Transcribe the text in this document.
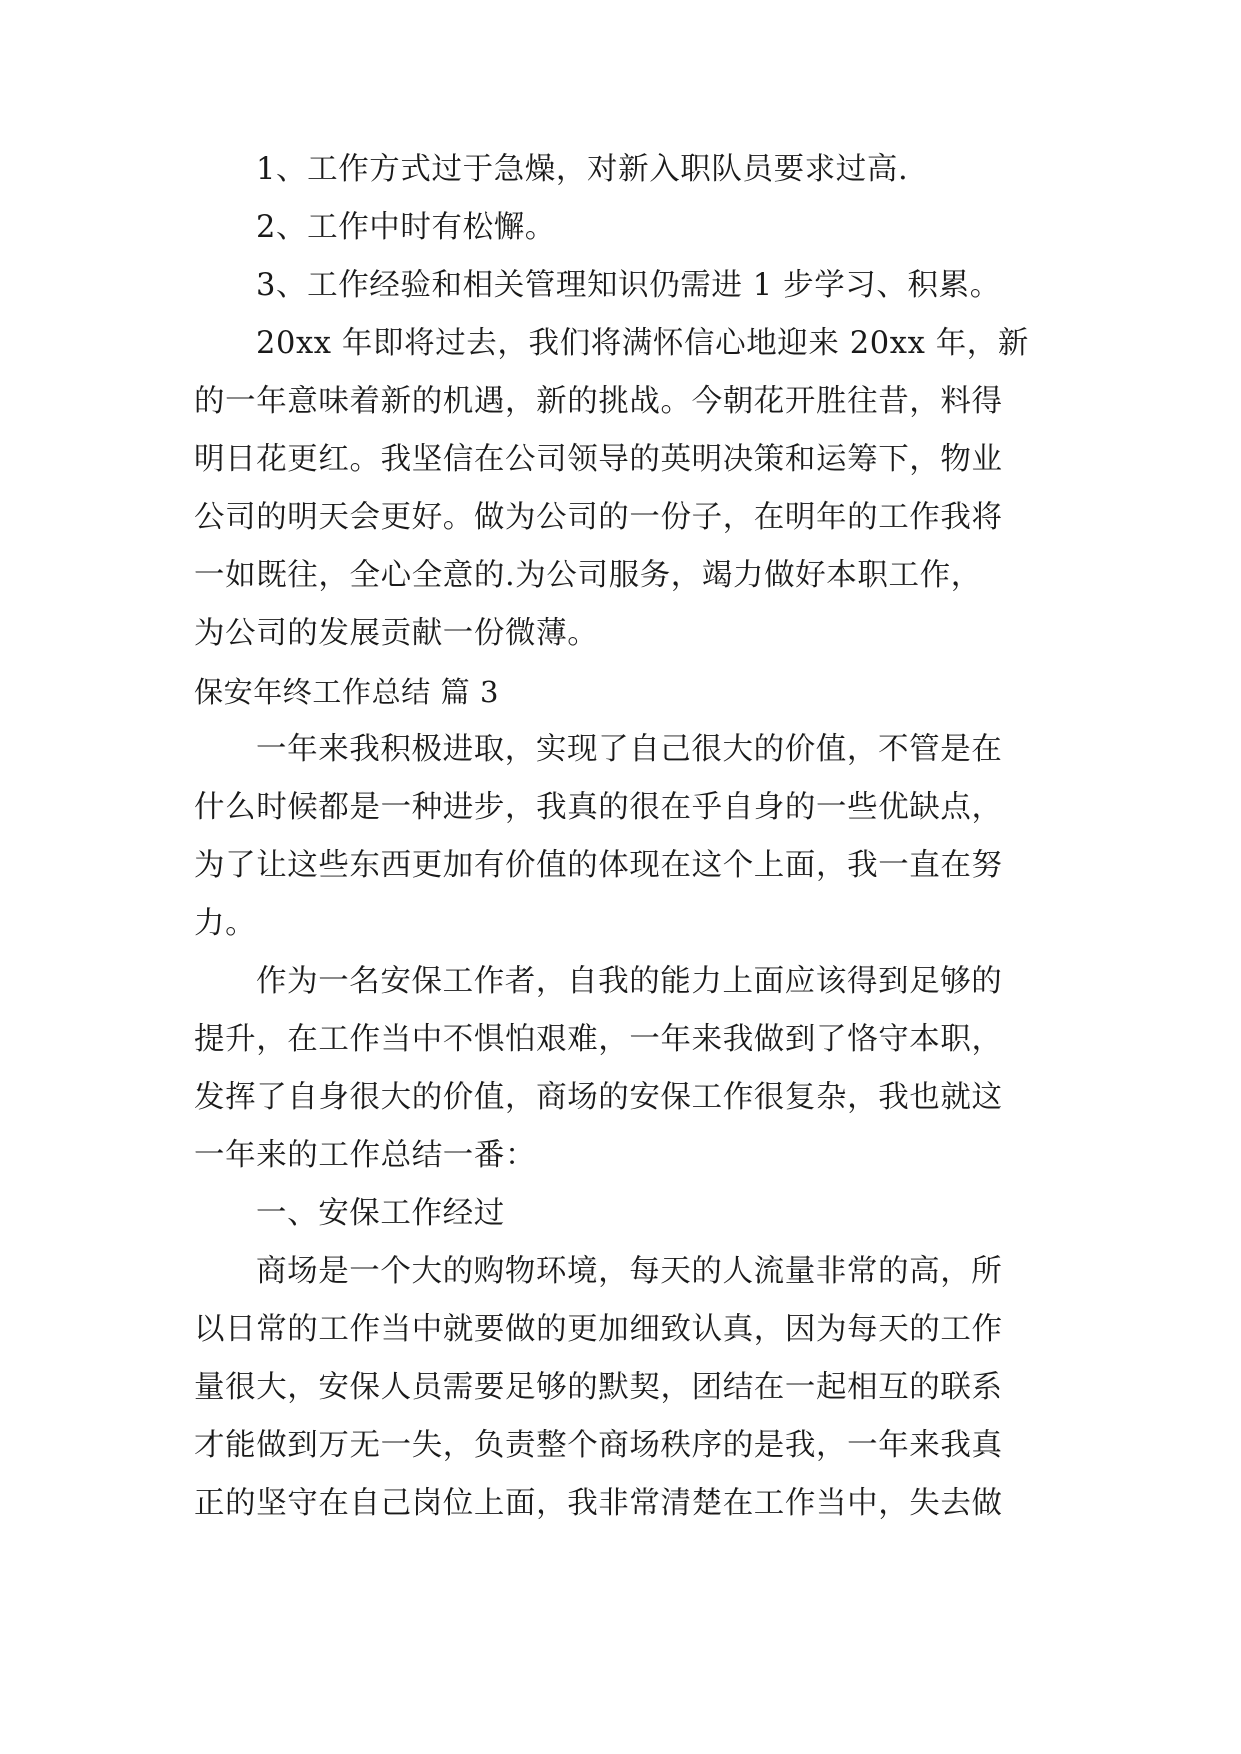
1、工作方式过于急燥，对新入职队员要求过高.
2、工作中时有松懈。
3、工作经验和相关管理知识仍需进 1 步学习、积累。
20xx 年即将过去，我们将满怀信心地迎来 20xx 年，新
的一年意味着新的机遇，新的挑战。今朝花开胜往昔，料得
明日花更红。我坚信在公司领导的英明决策和运筹下，物业
公司的明天会更好。做为公司的一份子，在明年的工作我将
一如既往，全心全意的.为公司服务，竭力做好本职工作，
为公司的发展贡献一份微薄。
保安年终工作总结 篇 3
一年来我积极进取，实现了自己很大的价值，不管是在
什么时候都是一种进步，我真的很在乎自身的一些优缺点，
为了让这些东西更加有价值的体现在这个上面，我一直在努
力。
作为一名安保工作者，自我的能力上面应该得到足够的
提升，在工作当中不惧怕艰难，一年来我做到了恪守本职，
发挥了自身很大的价值，商场的安保工作很复杂，我也就这
一年来的工作总结一番：
一、安保工作经过
商场是一个大的购物环境，每天的人流量非常的高，所
以日常的工作当中就要做的更加细致认真，因为每天的工作
量很大，安保人员需要足够的默契，团结在一起相互的联系
才能做到万无一失，负责整个商场秩序的是我，一年来我真
正的坚守在自己岗位上面，我非常清楚在工作当中，失去做
